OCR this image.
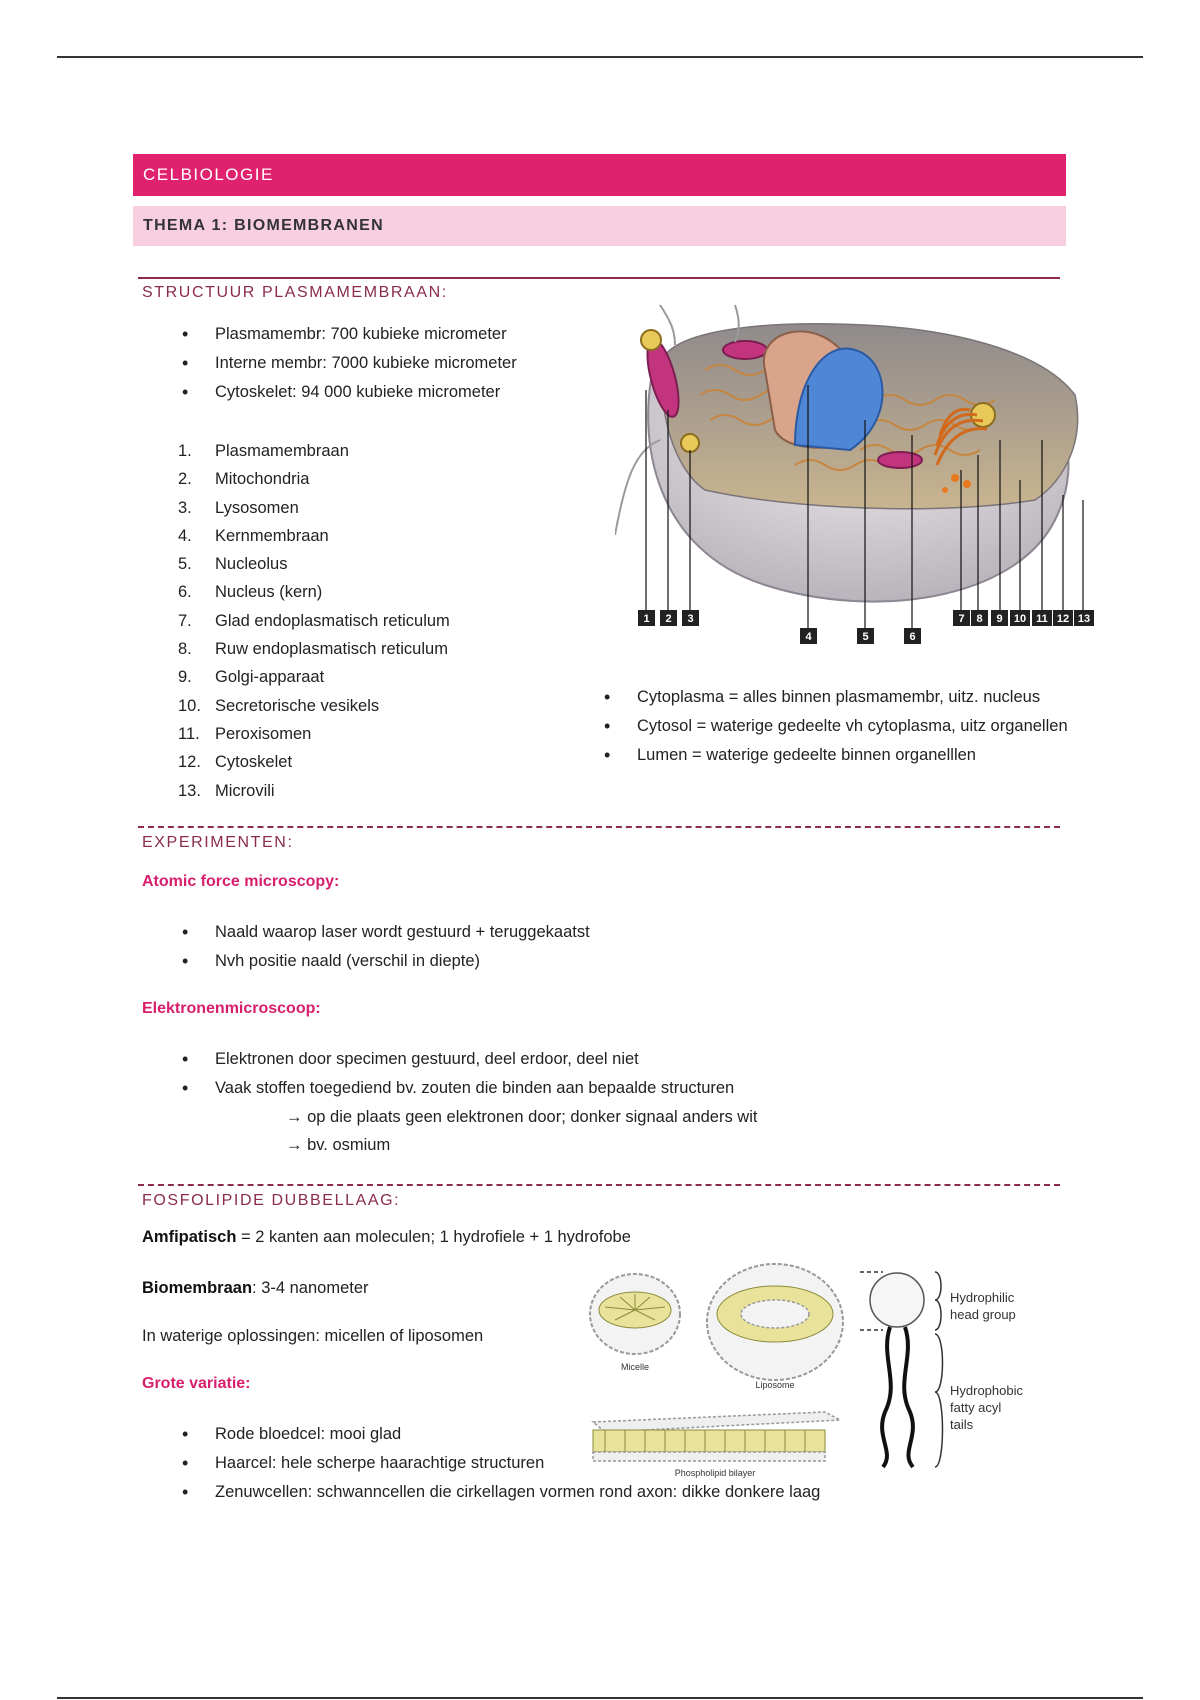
CELBIOLOGIE
THEMA 1: BIOMEMBRANEN
STRUCTUUR PLASMAMEMBRAAN:
• Plasmamembr: 700 kubieke micrometer
• Interne membr: 7000 kubieke micrometer
• Cytoskelet: 94 000 kubieke micrometer
1. Plasmamembraan
2. Mitochondria
3. Lysosomen
4. Kernmembraan
5. Nucleolus
6. Nucleus (kern)
7. Glad endoplasmatisch reticulum
8. Ruw endoplasmatisch reticulum
9. Golgi-apparaat
10. Secretorische vesikels
11. Peroxisomen
12. Cytoskelet
13. Microvili
1 2 3
4	5	6
7 8 9 10 11 12 13
• Cytoplasma = alles binnen plasmamembr, uitz. nucleus
• Cytosol = waterige gedeelte vh cytoplasma, uitz organellen
• Lumen = waterige gedeelte binnen organelllen
EXPERIMENTEN:
Atomic force microscopy:
• Naald waarop laser wordt gestuurd + teruggekaatst
• Nvh positie naald (verschil in diepte)
Elektronenmicroscoop:
• Elektronen door specimen gestuurd, deel erdoor, deel niet
• Vaak stoffen toegediend bv. zouten die binden aan bepaalde structuren
→ op die plaats geen elektronen door; donker signaal anders wit
→ bv. osmium
FOSFOLIPIDE DUBBELLAAG:
Amfipatisch = 2 kanten aan moleculen; 1 hydrofiele + 1 hydrofobe
Biomembraan: 3-4 nanometer
In waterige oplossingen: micellen of liposomen
Grote variatie:
• Rode bloedcel: mooi glad
• Haarcel: hele scherpe haarachtige structuren
• Zenuwcellen: schwanncellen die cirkellagen vormen rond axon: dikke donkere laag
Micelle
Liposome
Phospholipid bilayer
Hydrophilic
head group
Hydrophobic
fatty acyl
tails
